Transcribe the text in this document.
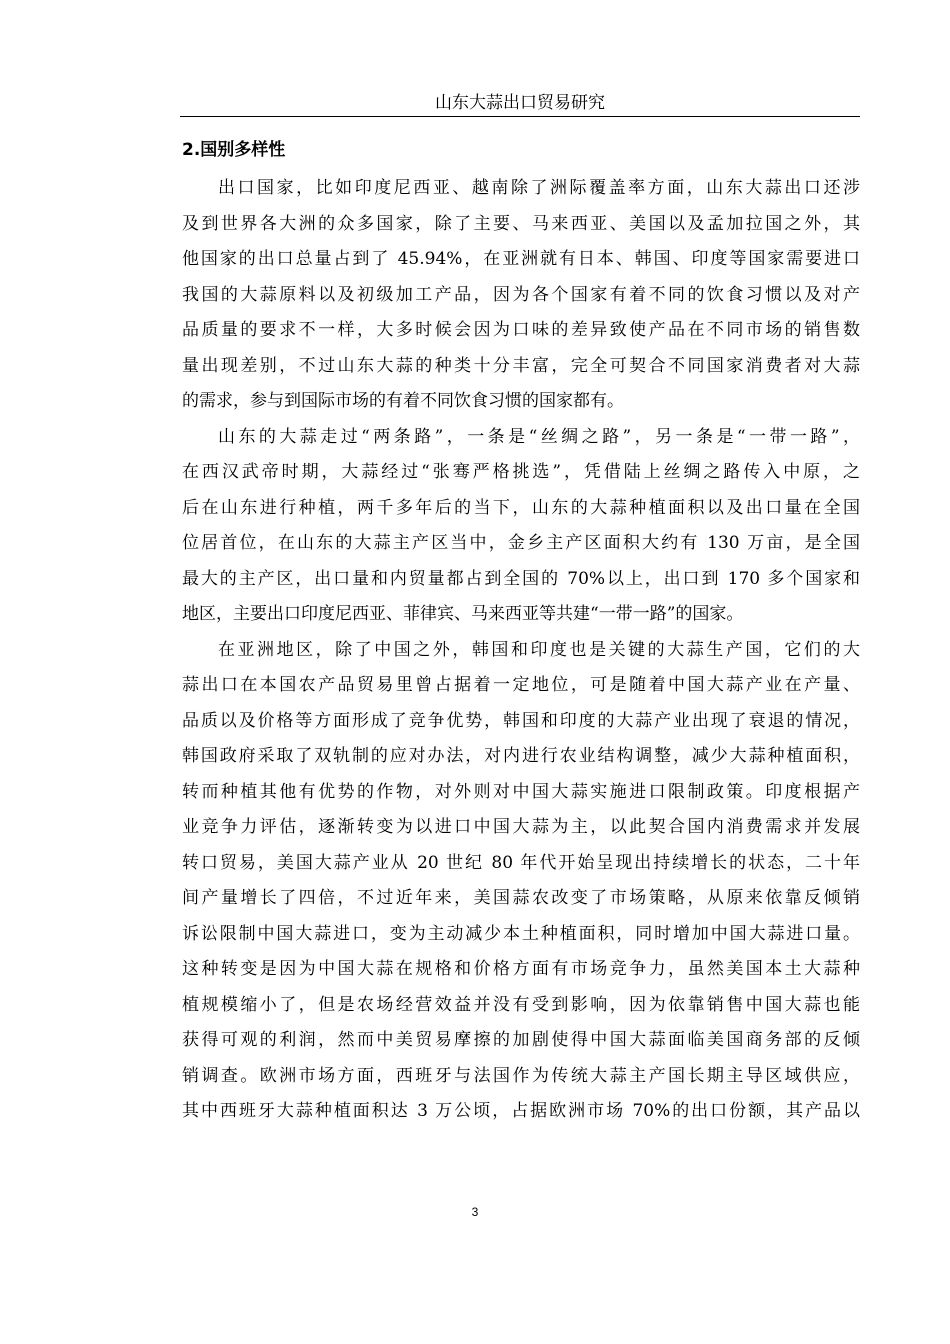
山东大蒜出口贸易研究
2.国别多样性
出口国家，比如印度尼西亚、越南除了洲际覆盖率方面，山东大蒜出口还涉
及到世界各大洲的众多国家，除了主要、马来西亚、美国以及孟加拉国之外，其
他国家的出口总量占到了 45.94%，在亚洲就有日本、韩国、印度等国家需要进口
我国的大蒜原料以及初级加工产品，因为各个国家有着不同的饮食习惯以及对产
品质量的要求不一样，大多时候会因为口味的差异致使产品在不同市场的销售数
量出现差别，不过山东大蒜的种类十分丰富，完全可契合不同国家消费者对大蒜
的需求，参与到国际市场的有着不同饮食习惯的国家都有。
山东的大蒜走过“两条路”，一条是“丝绸之路”，另一条是“一带一路”，
在西汉武帝时期，大蒜经过“张骞严格挑选”，凭借陆上丝绸之路传入中原，之
后在山东进行种植，两千多年后的当下，山东的大蒜种植面积以及出口量在全国
位居首位，在山东的大蒜主产区当中，金乡主产区面积大约有 130 万亩，是全国
最大的主产区，出口量和内贸量都占到全国的 70%以上，出口到 170 多个国家和
地区，主要出口印度尼西亚、菲律宾、马来西亚等共建“一带一路”的国家。
在亚洲地区，除了中国之外，韩国和印度也是关键的大蒜生产国，它们的大
蒜出口在本国农产品贸易里曾占据着一定地位，可是随着中国大蒜产业在产量、
品质以及价格等方面形成了竞争优势，韩国和印度的大蒜产业出现了衰退的情况，
韩国政府采取了双轨制的应对办法，对内进行农业结构调整，减少大蒜种植面积，
转而种植其他有优势的作物，对外则对中国大蒜实施进口限制政策。印度根据产
业竞争力评估，逐渐转变为以进口中国大蒜为主，以此契合国内消费需求并发展
转口贸易，美国大蒜产业从 20 世纪 80 年代开始呈现出持续增长的状态，二十年
间产量增长了四倍，不过近年来，美国蒜农改变了市场策略，从原来依靠反倾销
诉讼限制中国大蒜进口，变为主动减少本土种植面积，同时增加中国大蒜进口量。
这种转变是因为中国大蒜在规格和价格方面有市场竞争力，虽然美国本土大蒜种
植规模缩小了，但是农场经营效益并没有受到影响，因为依靠销售中国大蒜也能
获得可观的利润，然而中美贸易摩擦的加剧使得中国大蒜面临美国商务部的反倾
销调查。欧洲市场方面，西班牙与法国作为传统大蒜主产国长期主导区域供应，
其中西班牙大蒜种植面积达 3 万公顷，占据欧洲市场 70%的出口份额，其产品以
3
